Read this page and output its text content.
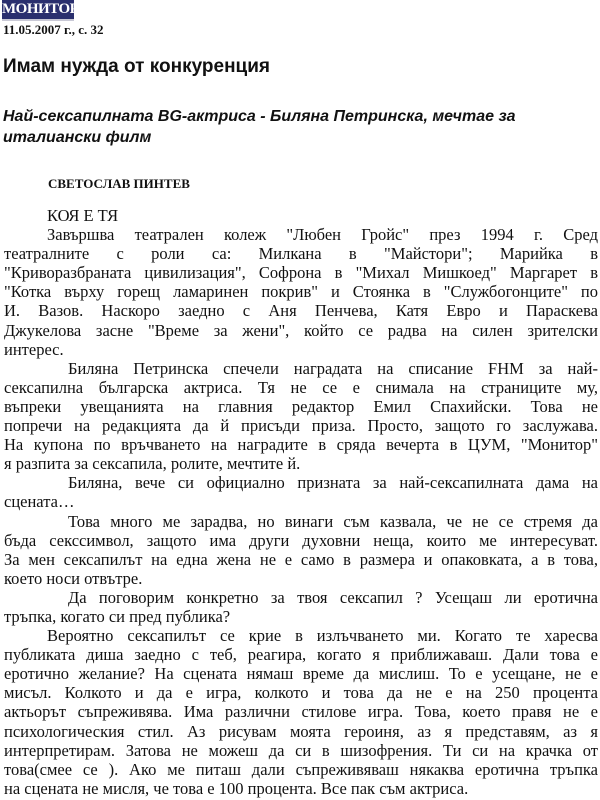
МОНИТОР
11.05.2007 г., с. 32
Имам нужда от конкуренция
Най-сексапилната BG-актриса - Биляна Петринска, мечтае за
италиански филм
СВЕТОСЛАВ ПИНТЕВ
КОЯ Е ТЯ
Завършва театрален колеж "Любен Гройс" през 1994 г. Сред
театралните с роли са: Милкана в "Майстори"; Марийка в
"Криворазбраната цивилизация", Софрона в "Михал Мишкоед" Маргарет в
"Котка върху горещ ламаринен покрив" и Стоянка в "Службогонците" по
И. Вазов. Наскоро заедно с Аня Пенчева, Катя Евро и Параскева
Джукелова засне "Време за жени", който се радва на силен зрителски
интерес.
Биляна Петринска спечели наградата на списание FHM за най-
сексапилна българска актриса. Тя не се е снимала на страниците му,
въпреки увещанията на главния редактор Емил Спахийски. Това не
попречи на редакцията да й присъди приза. Просто, защото го заслужава.
На купона по връчването на наградите в сряда вечерта в ЦУМ, "Монитор"
я разпита за сексапила, ролите, мечтите й.
Биляна, вече си официално призната за най-сексапилната дама на
сцената…
Това много ме зарадва, но винаги съм казвала, че не се стремя да
бъда секссимвол, защото има други духовни неща, които ме интересуват.
За мен сексапилът на една жена не е само в размера и опаковката, а в това,
което носи отвътре.
Да поговорим конкретно за твоя сексапил ? Усещаш ли еротична
тръпка, когато си пред публика?
Вероятно сексапилът се крие в излъчването ми. Когато те харесва
публиката диша заедно с теб, реагира, когато я приближаваш. Дали това е
еротично желание? На сцената нямаш време да мислиш. То е усещане, не е
мисъл. Колкото и да е игра, колкото и това да не е на 250 процента
актьорът съпреживява. Има различни стилове игра. Това, което правя не е
психологическия стил. Аз рисувам моята героиня, аз я представям, аз я
интерпретирам. Затова не можеш да си в шизофрения. Ти си на крачка от
това(смее се ). Ако ме питаш дали съпреживяваш някаква еротична тръпка
на сцената не мисля, че това е 100 процента. Все пак съм актриса.
